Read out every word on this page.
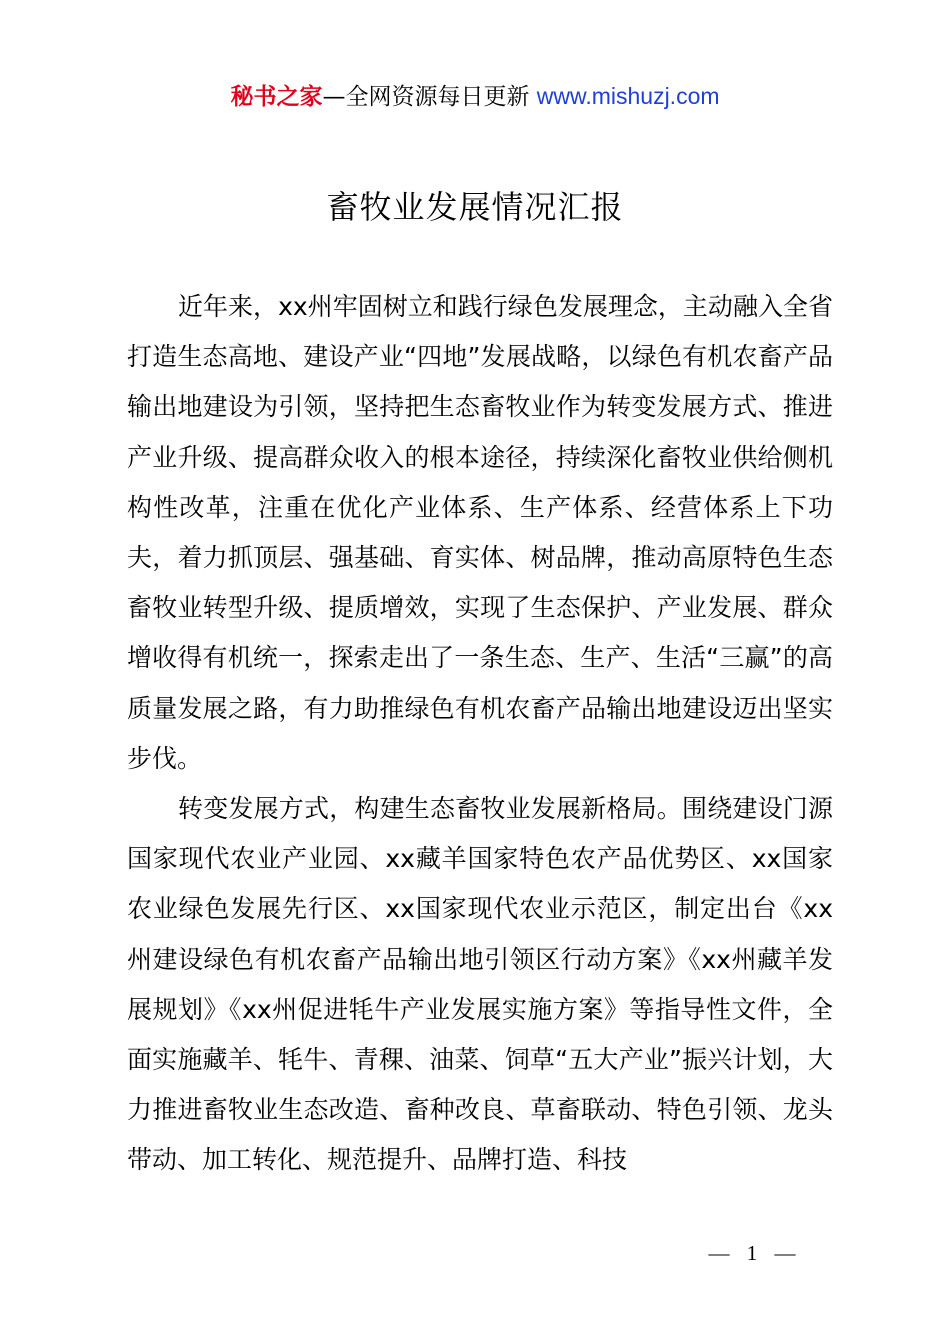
秘书之家—全网资源每日更新 www.mishuzj.com
畜牧业发展情况汇报

近年来，xx州牢固树立和践行绿色发展理念，主动融入全省打造生态高地、建设产业“四地”发展战略，以绿色有机农畜产品输出地建设为引领，坚持把生态畜牧业作为转变发展方式、推进产业升级、提高群众收入的根本途径，持续深化畜牧业供给侧机构性改革，注重在优化产业体系、生产体系、经营体系上下功夫，着力抓顶层、强基础、育实体、树品牌，推动高原特色生态畜牧业转型升级、提质增效，实现了生态保护、产业发展、群众增收得有机统一，探索走出了一条生态、生产、生活“三赢”的高质量发展之路，有力助推绿色有机农畜产品输出地建设迈出坚实步伐。

转变发展方式，构建生态畜牧业发展新格局。围绕建设门源国家现代农业产业园、xx藏羊国家特色农产品优势区、xx国家农业绿色发展先行区、xx国家现代农业示范区，制定出台《xx州建设绿色有机农畜产品输出地引领区行动方案》《xx州藏羊发展规划》《xx州促进牦牛产业发展实施方案》等指导性文件，全面实施藏羊、牦牛、青稞、油菜、饲草“五大产业”振兴计划，大力推进畜牧业生态改造、畜种改良、草畜联动、特色引领、龙头带动、加工转化、规范提升、品牌打造、科技

— 1 —
